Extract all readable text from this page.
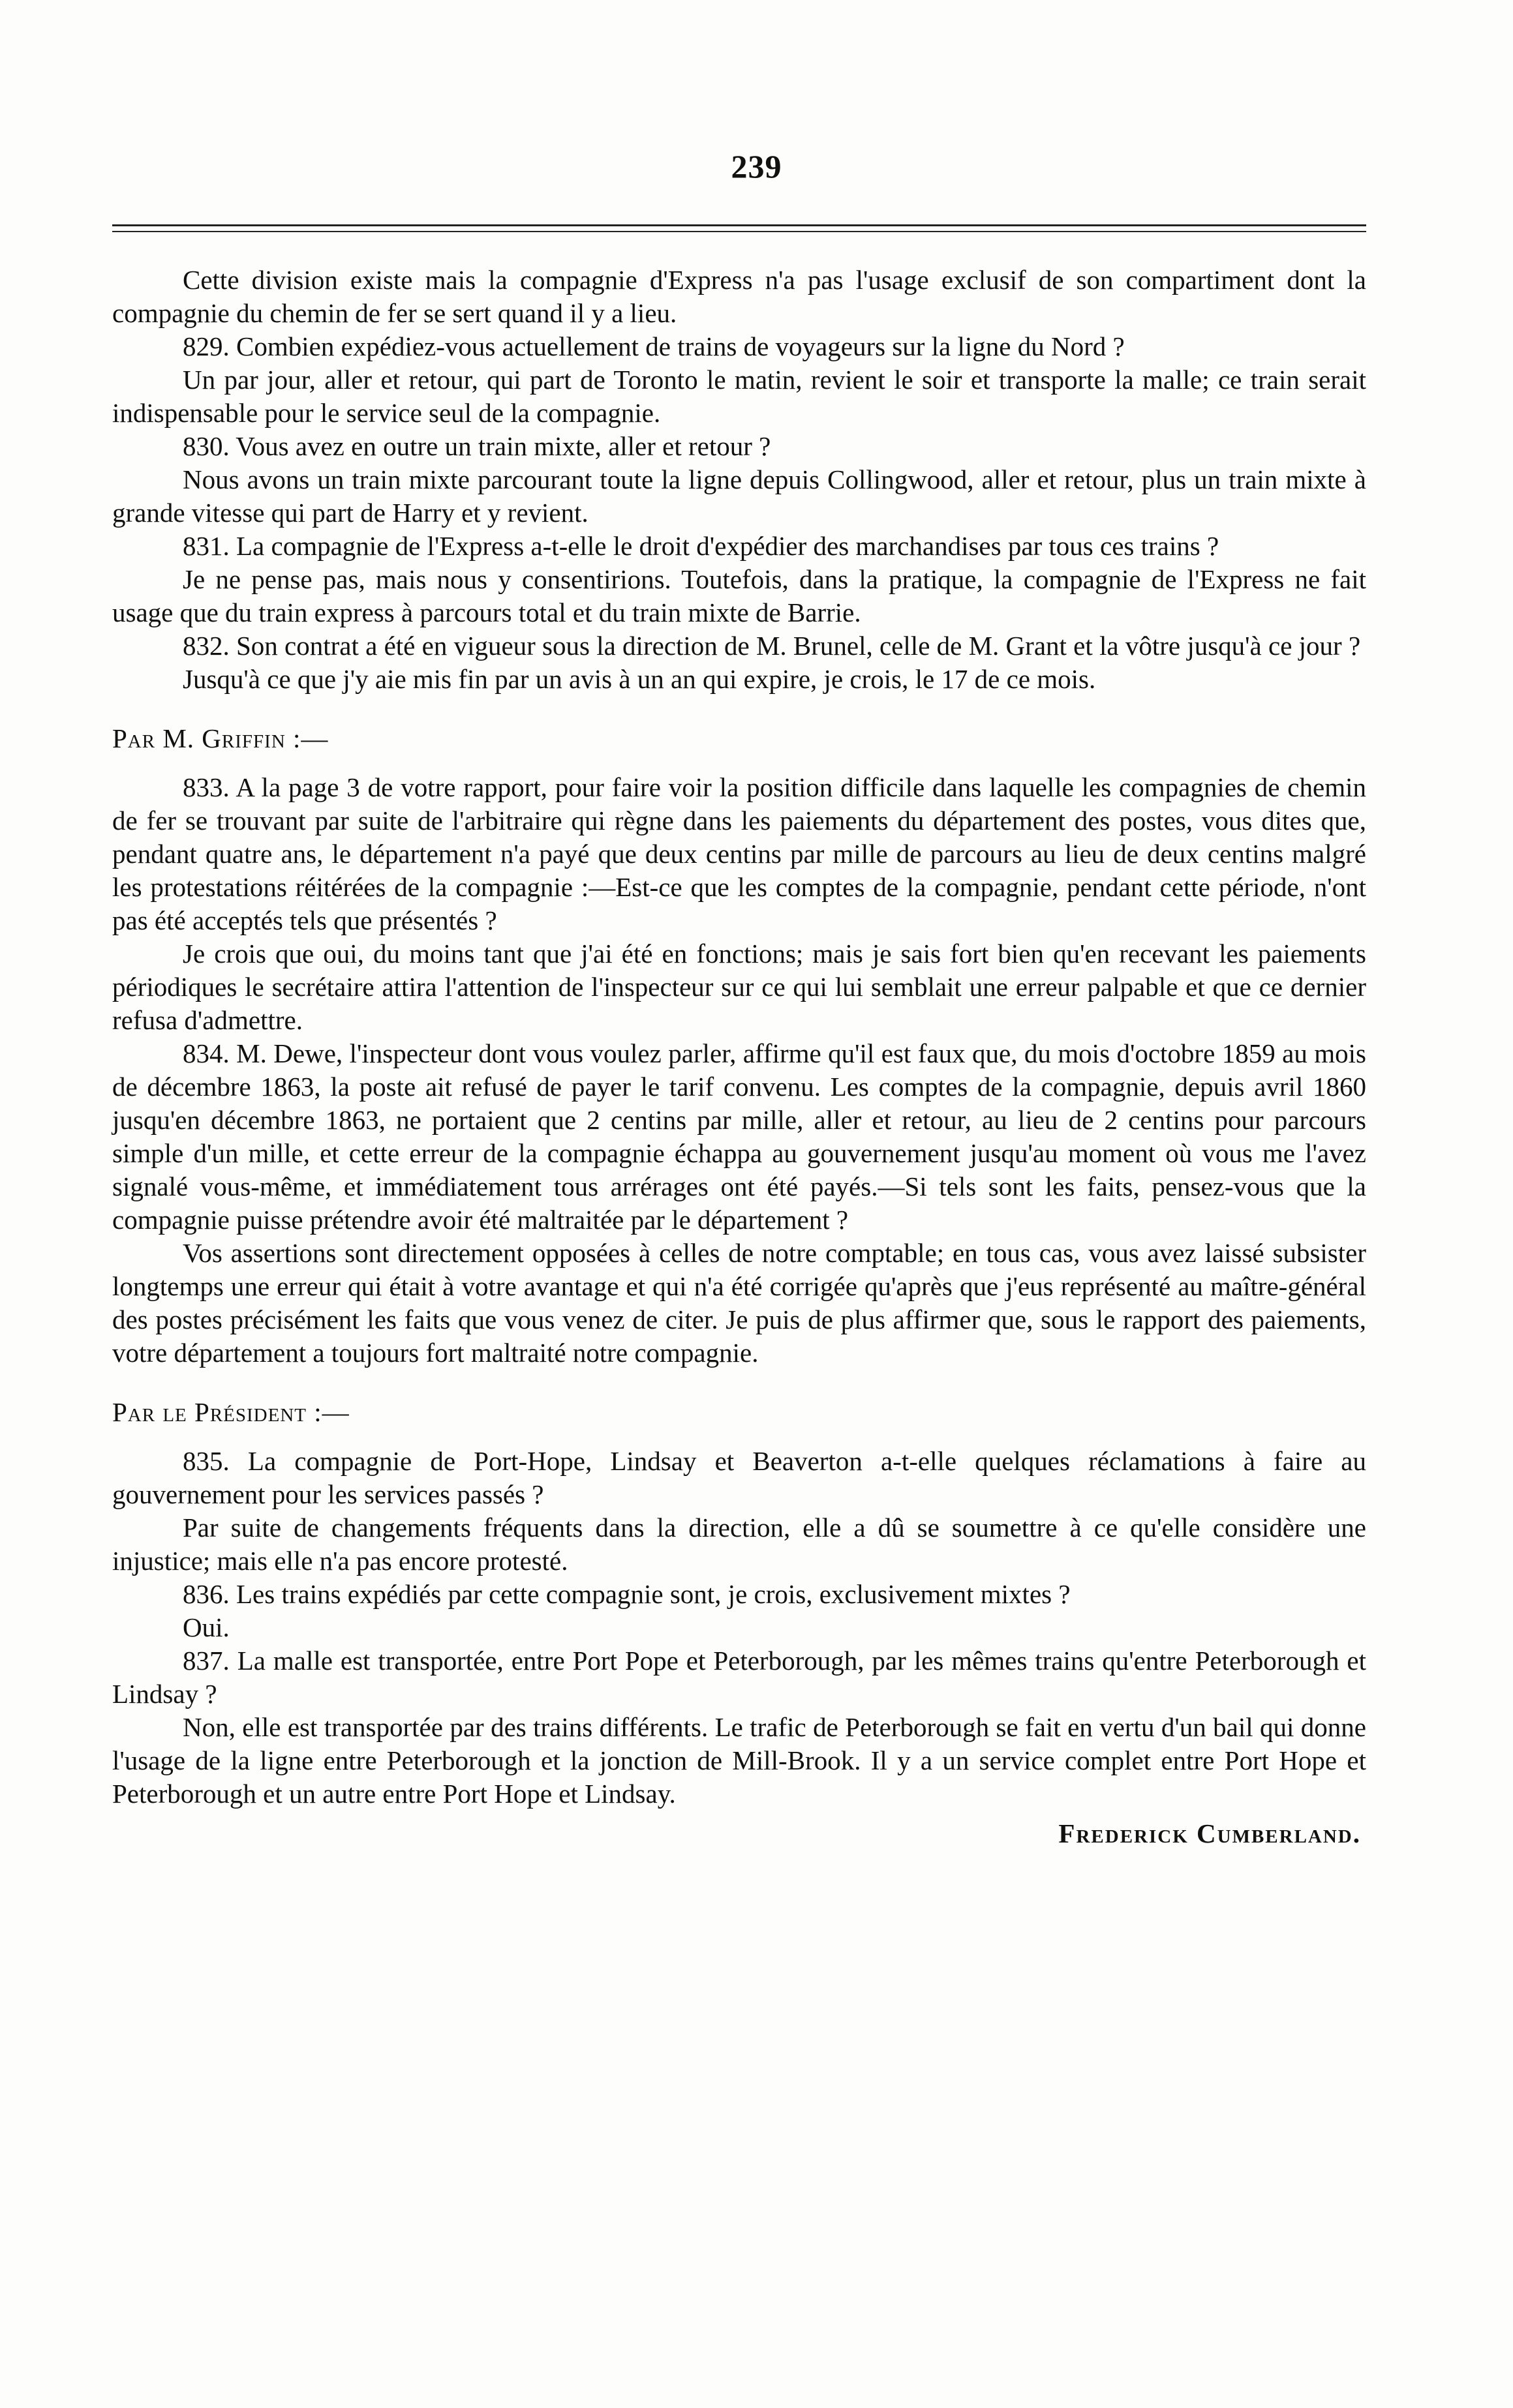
239

Cette division existe mais la compagnie d'Express n'a pas l'usage exclusif de son compartiment dont la compagnie du chemin de fer se sert quand il y a lieu.

829. Combien expédiez-vous actuellement de trains de voyageurs sur la ligne du Nord ?

Un par jour, aller et retour, qui part de Toronto le matin, revient le soir et transporte la malle; ce train serait indispensable pour le service seul de la compagnie.

830. Vous avez en outre un train mixte, aller et retour ?

Nous avons un train mixte parcourant toute la ligne depuis Collingwood, aller et retour, plus un train mixte à grande vitesse qui part de Harry et y revient.

831. La compagnie de l'Express a-t-elle le droit d'expédier des marchandises par tous ces trains ?

Je ne pense pas, mais nous y consentirions. Toutefois, dans la pratique, la compagnie de l'Express ne fait usage que du train express à parcours total et du train mixte de Barrie.

832. Son contrat a été en vigueur sous la direction de M. Brunel, celle de M. Grant et la vôtre jusqu'à ce jour ?

Jusqu'à ce que j'y aie mis fin par un avis à un an qui expire, je crois, le 17 de ce mois.

Par M. Griffin :—

833. A la page 3 de votre rapport, pour faire voir la position difficile dans laquelle les compagnies de chemin de fer se trouvant par suite de l'arbitraire qui règne dans les paiements du département des postes, vous dites que, pendant quatre ans, le département n'a payé que deux centins par mille de parcours au lieu de deux centins malgré les protestations réitérées de la compagnie :—Est-ce que les comptes de la compagnie, pendant cette période, n'ont pas été acceptés tels que présentés ?

Je crois que oui, du moins tant que j'ai été en fonctions; mais je sais fort bien qu'en recevant les paiements périodiques le secrétaire attira l'attention de l'inspecteur sur ce qui lui semblait une erreur palpable et que ce dernier refusa d'admettre.

834. M. Dewe, l'inspecteur dont vous voulez parler, affirme qu'il est faux que, du mois d'octobre 1859 au mois de décembre 1863, la poste ait refusé de payer le tarif convenu. Les comptes de la compagnie, depuis avril 1860 jusqu'en décembre 1863, ne portaient que 2 centins par mille, aller et retour, au lieu de 2 centins pour parcours simple d'un mille, et cette erreur de la compagnie échappa au gouvernement jusqu'au moment où vous me l'avez signalé vous-même, et immédiatement tous arrérages ont été payés.—Si tels sont les faits, pensez-vous que la compagnie puisse prétendre avoir été maltraitée par le département ?

Vos assertions sont directement opposées à celles de notre comptable; en tous cas, vous avez laissé subsister longtemps une erreur qui était à votre avantage et qui n'a été corrigée qu'après que j'eus représenté au maître-général des postes précisément les faits que vous venez de citer. Je puis de plus affirmer que, sous le rapport des paiements, votre département a toujours fort maltraité notre compagnie.

Par le Président :—

835. La compagnie de Port-Hope, Lindsay et Beaverton a-t-elle quelques réclamations à faire au gouvernement pour les services passés ?

Par suite de changements fréquents dans la direction, elle a dû se soumettre à ce qu'elle considère une injustice; mais elle n'a pas encore protesté.

836. Les trains expédiés par cette compagnie sont, je crois, exclusivement mixtes ?

Oui.

837. La malle est transportée, entre Port Pope et Peterborough, par les mêmes trains qu'entre Peterborough et Lindsay ?

Non, elle est transportée par des trains différents. Le trafic de Peterborough se fait en vertu d'un bail qui donne l'usage de la ligne entre Peterborough et la jonction de Mill-Brook. Il y a un service complet entre Port Hope et Peterborough et un autre entre Port Hope et Lindsay.

Frederick Cumberland.
